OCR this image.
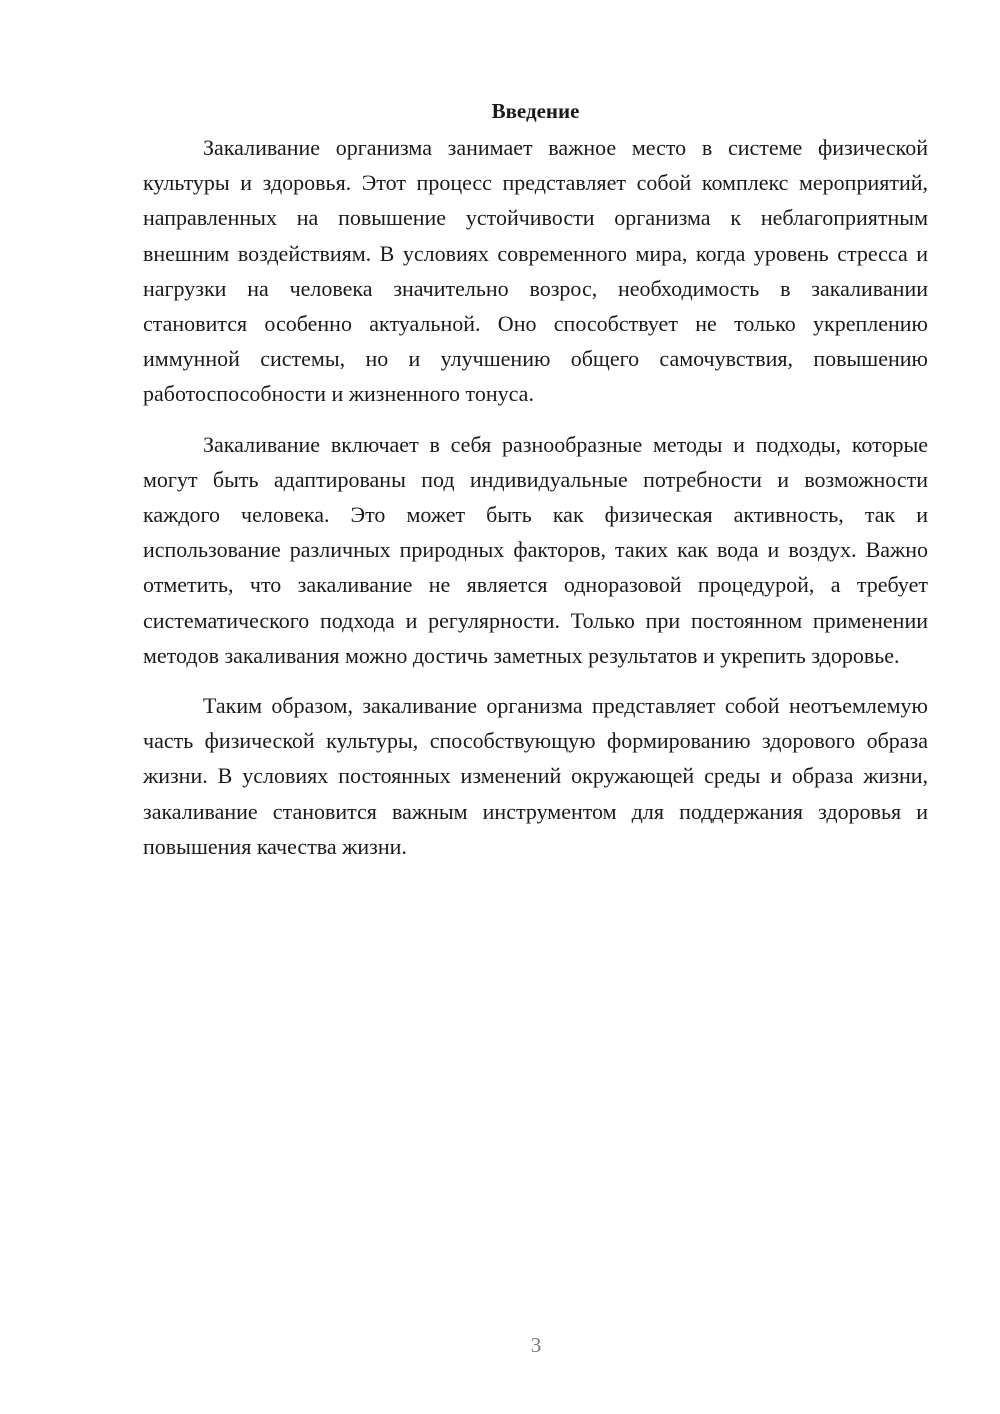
Введение

Закаливание организма занимает важное место в системе физической культуры и здоровья. Этот процесс представляет собой комплекс мероприятий, направленных на повышение устойчивости организма к неблагоприятным внешним воздействиям. В условиях современного мира, когда уровень стресса и нагрузки на человека значительно возрос, необходимость в закаливании становится особенно актуальной. Оно способствует не только укреплению иммунной системы, но и улучшению общего самочувствия, повышению работоспособности и жизненного тонуса.

Закаливание включает в себя разнообразные методы и подходы, которые могут быть адаптированы под индивидуальные потребности и возможности каждого человека. Это может быть как физическая активность, так и использование различных природных факторов, таких как вода и воздух. Важно отметить, что закаливание не является одноразовой процедурой, а требует систематического подхода и регулярности. Только при постоянном применении методов закаливания можно достичь заметных результатов и укрепить здоровье.

Таким образом, закаливание организма представляет собой неотъемлемую часть физической культуры, способствующую формированию здорового образа жизни. В условиях постоянных изменений окружающей среды и образа жизни, закаливание становится важным инструментом для поддержания здоровья и повышения качества жизни.

3
